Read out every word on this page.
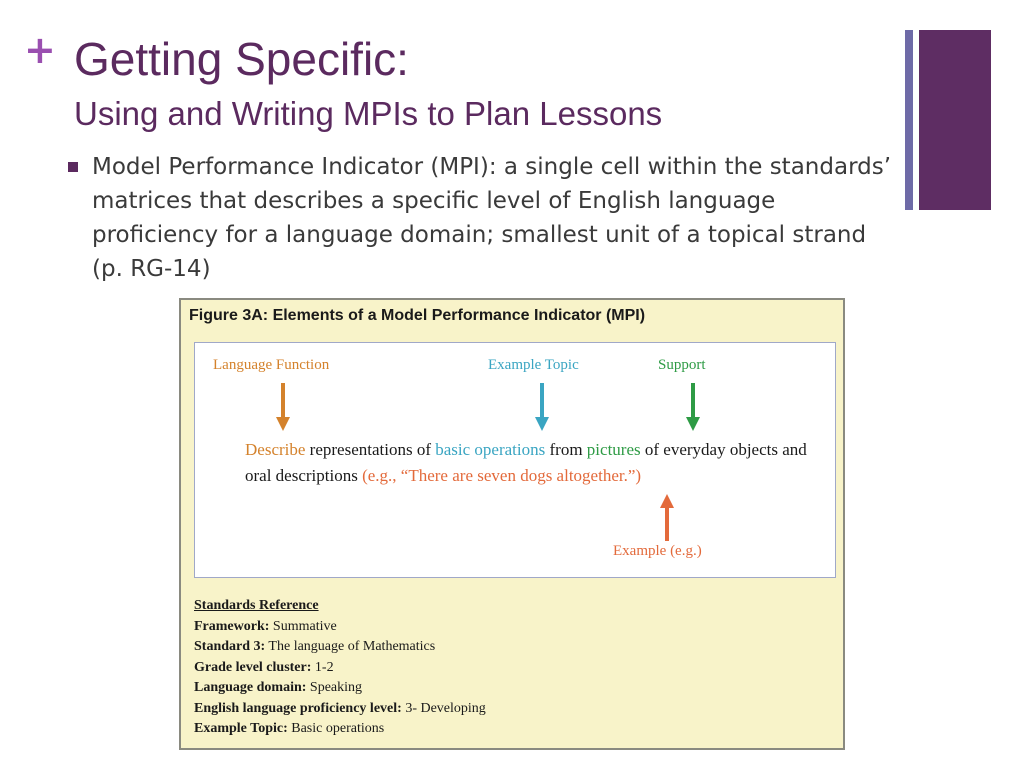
+ Getting Specific:
Using and Writing MPIs to Plan Lessons
Model Performance Indicator (MPI): a single cell within the standards’ matrices that describes a specific level of English language proficiency for a language domain; smallest unit of a topical strand (p. RG-14)
Figure 3A: Elements of a Model Performance Indicator (MPI)
Language Function	Example Topic	Support
Describe representations of basic operations from pictures of everyday objects and oral descriptions (e.g., “There are seven dogs altogether.”)
Example (e.g.)
Standards Reference
Framework: Summative
Standard 3: The language of Mathematics
Grade level cluster: 1-2
Language domain: Speaking
English language proficiency level: 3- Developing
Example Topic: Basic operations
